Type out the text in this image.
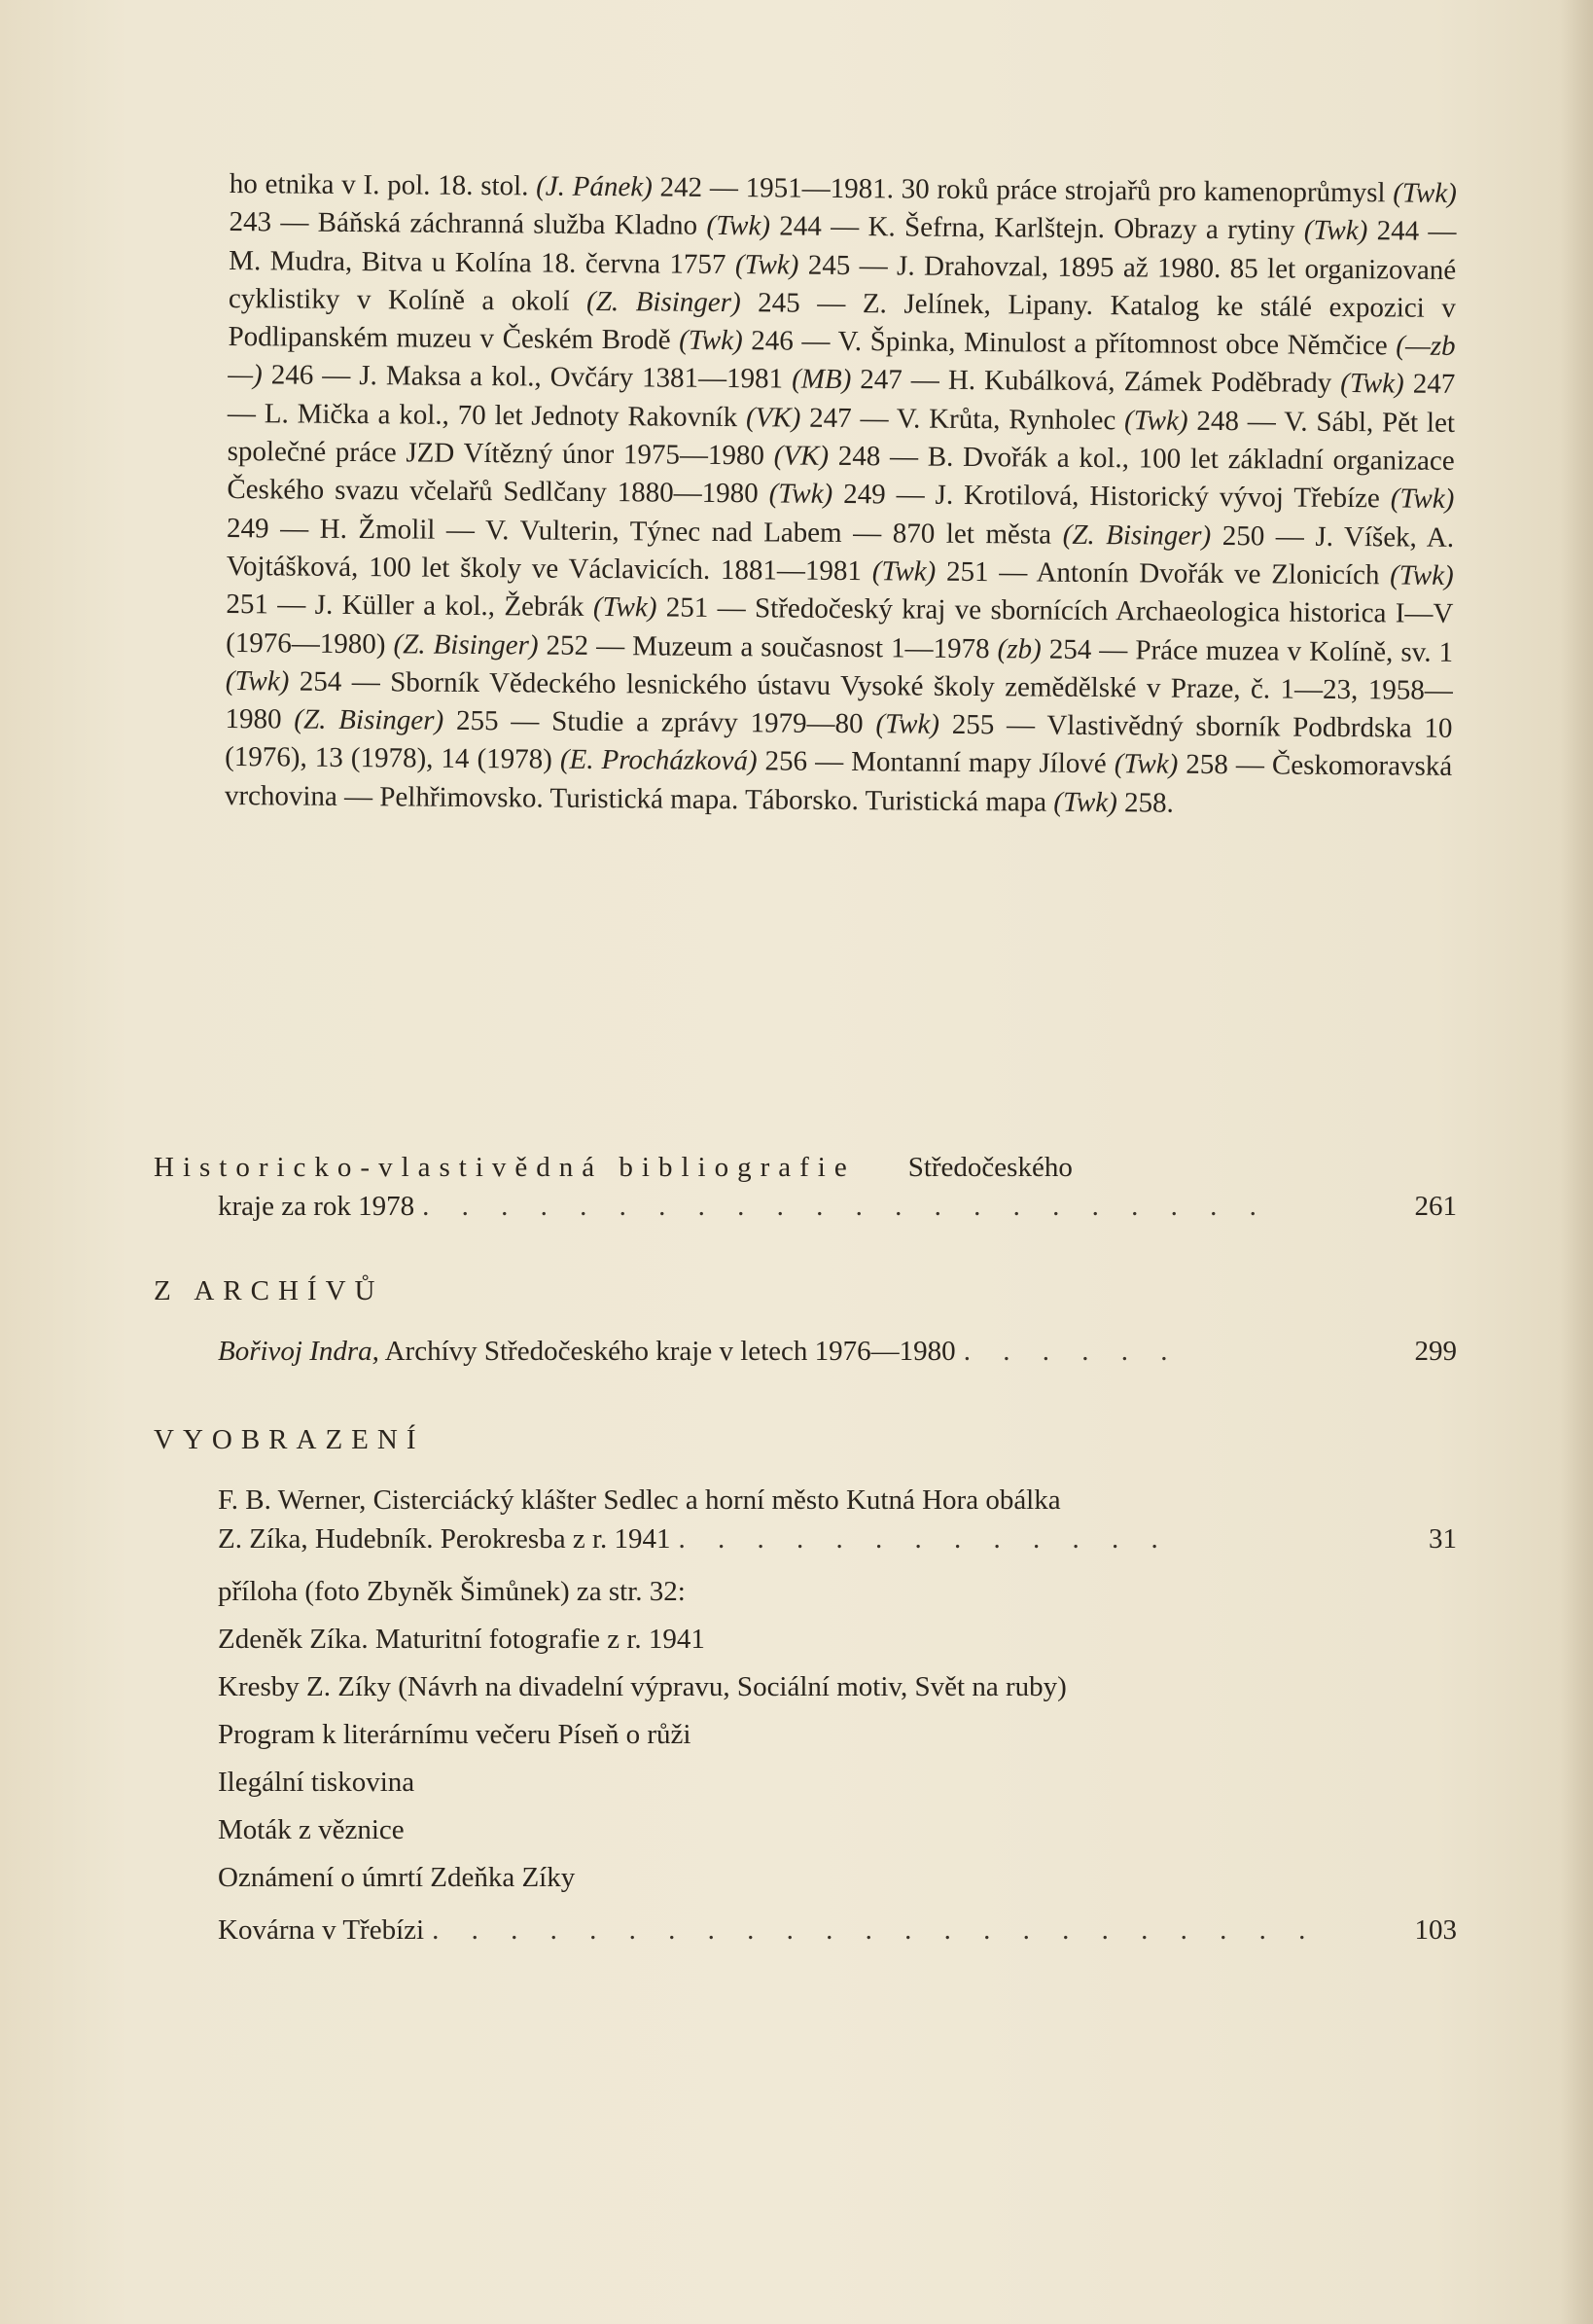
ho etnika v I. pol. 18. stol. (J. Pánek) 242 — 1951—1981. 30 roků práce strojařů pro kamenoprůmysl (Twk) 243 — Báňská záchranná služba Kladno (Twk) 244 — K. Šefrna, Karlštejn. Obrazy a rytiny (Twk) 244 — M. Mudra, Bitva u Kolína 18. června 1757 (Twk) 245 — J. Drahovzal, 1895 až 1980. 85 let organizované cyklistiky v Kolíně a okolí (Z. Bisinger) 245 — Z. Jelínek, Lipany. Katalog ke stálé expozici v Podlipanském muzeu v Českém Brodě (Twk) 246 — V. Špinka, Minulost a přítomnost obce Němčice (—zb—) 246 — J. Maksa a kol., Ovčáry 1381—1981 (MB) 247 — H. Kubálková, Zámek Poděbrady (Twk) 247 — L. Mička a kol., 70 let Jednoty Rakovník (VK) 247 — V. Krůta, Rynholec (Twk) 248 — V. Sábl, Pět let společné práce JZD Vítězný únor 1975—1980 (VK) 248 — B. Dvořák a kol., 100 let základní organizace Českého svazu včelařů Sedlčany 1880—1980 (Twk) 249 — J. Krotilová, Historický vývoj Třebíze (Twk) 249 — H. Žmolil — V. Vulterin, Týnec nad Labem — 870 let města (Z. Bisinger) 250 — J. Víšek, A. Vojtášková, 100 let školy ve Václavicích. 1881—1981 (Twk) 251 — Antonín Dvořák ve Zlonicích (Twk) 251 — J. Küller a kol., Žebrák (Twk) 251 — Středočeský kraj ve sbornících Archaeologica historica I—V (1976—1980) (Z. Bisinger) 252 — Muzeum a současnost 1—1978 (zb) 254 — Práce muzea v Kolíně, sv. 1 (Twk) 254 — Sborník Vědeckého lesnického ústavu Vysoké školy zemědělské v Praze, č. 1—23, 1958—1980 (Z. Bisinger) 255 — Studie a zprávy 1979—80 (Twk) 255 — Vlastivědný sborník Podbrdska 10 (1976), 13 (1978), 14 (1978) (E. Procházková) 256 — Montanní mapy Jílové (Twk) 258 — Českomoravská vrchovina — Pelhřimovsko. Turistická mapa. Táborsko. Turistická mapa (Twk) 258.
Historicko-vlastivědná bibliografie Středočeského
kraje za rok 1978 . . . . . . . . . . . . . . . . . . . . . .	261
Z ARCHÍVŮ
Bořivoj Indra, Archívy Středočeského kraje v letech 1976—1980 . . . . . .	299
VYOBRAZENÍ
F. B. Werner, Cisterciácký klášter Sedlec a horní město Kutná Hora obálka
Z. Zíka, Hudebník. Perokresba z r. 1941 . . . . . . . . . . . . .	31
příloha (foto Zbyněk Šimůnek) za str. 32:
Zdeněk Zíka. Maturitní fotografie z r. 1941
Kresby Z. Zíky (Návrh na divadelní výpravu, Sociální motiv, Svět na ruby)
Program k literárnímu večeru Píseň o růži
Ilegální tiskovina
Moták z věznice
Oznámení o úmrtí Zdeňka Zíky
Kovárna v Třebízi . . . . . . . . . . . . . . . . . . . . . . .	103
